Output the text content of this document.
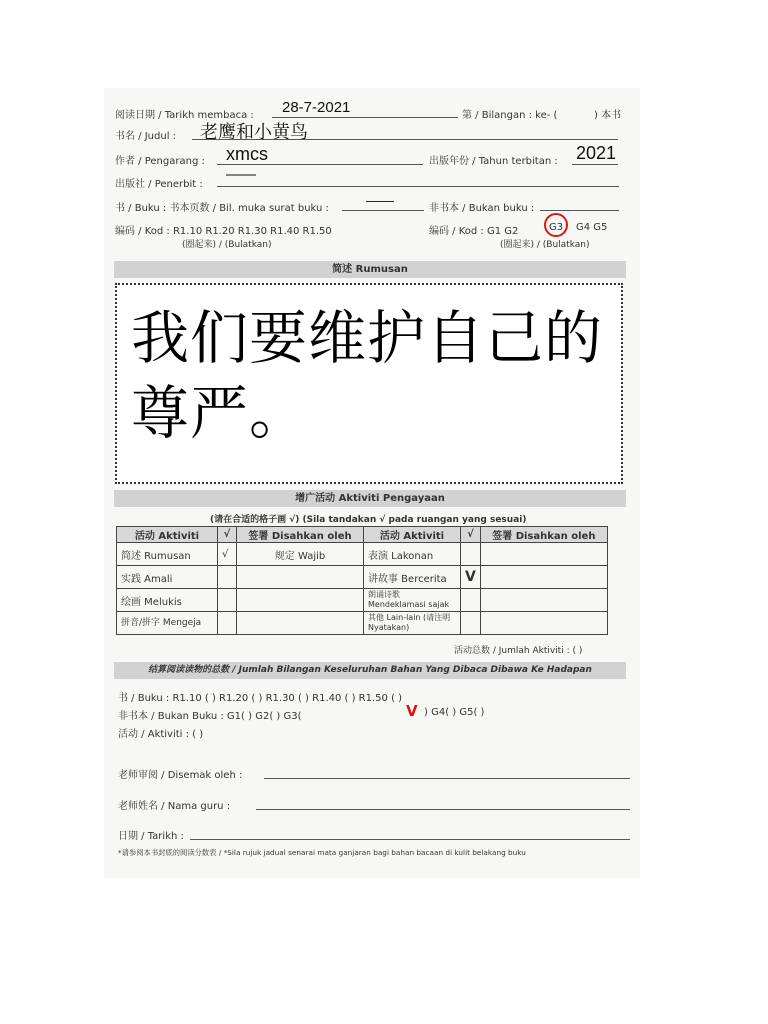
阅读日期 / Tarikh membaca : 28-7-2021	第 / Bilangan : ke- (	) 本书
书名 / Judul : 老鹰和小黄鸟
作者 / Pengarang : xmcs	出版年份 / Tahun terbitan : 2021
出版社 / Penerbit :
——
书 / Buku : 书本页数 / Bil. muka surat buku :
——
非书本 / Bukan buku :
编码 / Kod : R1.10 R1.20 R1.30 R1.40 R1.50
(圈起来) / (Bulatkan)
编码 / Kod : G1 G2	G3 G4 G5
(圈起来) / (Bulatkan)
简述 Rumusan
我们要维护自己的尊严。
增广活动 Aktiviti Pengayaan
(请在合适的格子画 √) (Sila tandakan √ pada ruangan yang sesuai)
活动 Aktiviti	√	签署 Disahkan oleh	活动 Aktiviti	√	签署 Disahkan oleh
简述 Rumusan	√	规定 Wajib	表演 Lakonan		
实践 Amali			讲故事 Bercerita	V	
绘画 Melukis			朗诵诗歌 Mendeklamasi sajak		
拼音/拼字 Mengeja			其他 Lain-lain (请注明 Nyatakan)		
活动总数 / Jumlah Aktiviti : ( )
结算阅读读物的总数 / Jumlah Bilangan Keseluruhan Bahan Yang Dibaca Dibawa Ke Hadapan
书 / Buku : R1.10 ( ) R1.20 ( ) R1.30 ( ) R1.40 ( ) R1.50 ( )
非书本 / Bukan Buku : G1( ) G2( ) G3(	V ) G4( ) G5( )
活动 / Aktiviti : ( )
老师审阅 / Disemak oleh :
老师姓名 / Nama guru :
日期 / Tarikh :
*请参阅本书封底的阅读分数表 / *Sila rujuk jadual senarai mata ganjaran bagi bahan bacaan di kulit belakang buku
